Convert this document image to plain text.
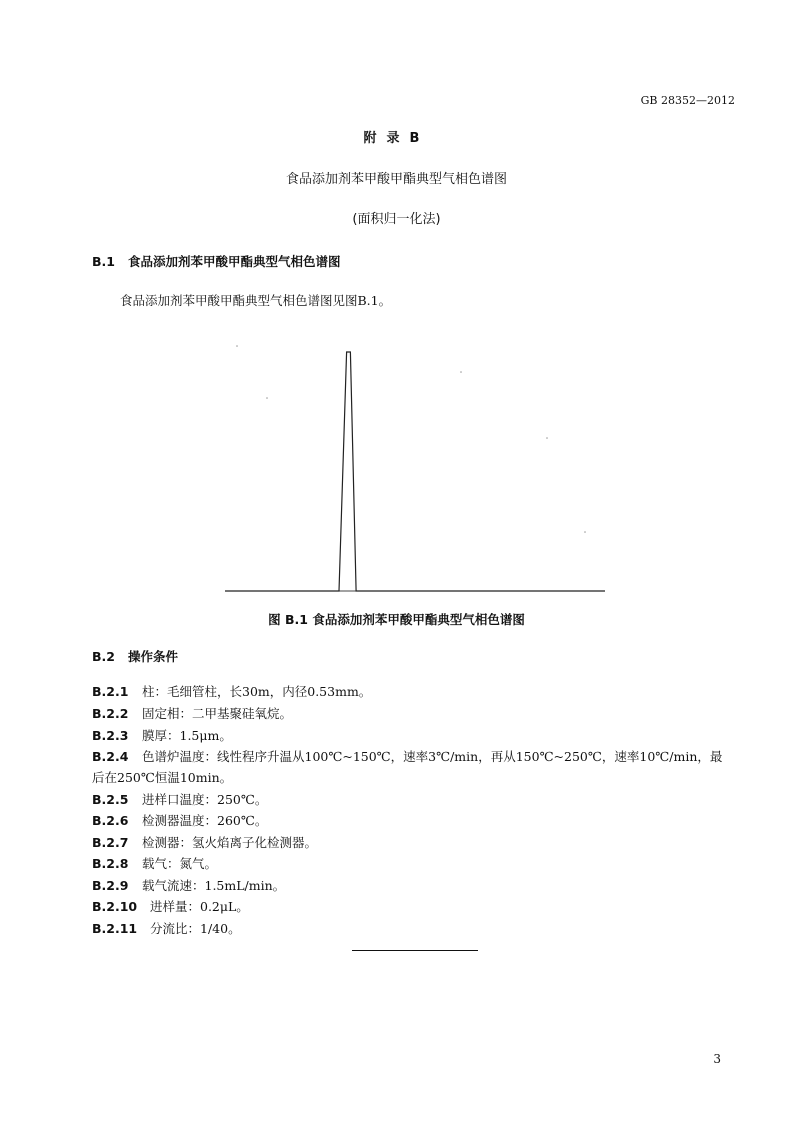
GB 28352—2012
附录B
食品添加剂苯甲酸甲酯典型气相色谱图
(面积归一化法)
B.1 食品添加剂苯甲酸甲酯典型气相色谱图
食品添加剂苯甲酸甲酯典型气相色谱图见图B.1。
图 B.1 食品添加剂苯甲酸甲酯典型气相色谱图
B.2 操作条件
B.2.1 柱：毛细管柱，长30m，内径0.53mm。
B.2.2 固定相：二甲基聚硅氧烷。
B.2.3 膜厚：1.5μm。
B.2.4 色谱炉温度：线性程序升温从100℃~150℃，速率3℃/min，再从150℃~250℃，速率10℃/min，最
后在250℃恒温10min。
B.2.5 进样口温度：250℃。
B.2.6 检测器温度：260℃。
B.2.7 检测器：氢火焰离子化检测器。
B.2.8 载气：氮气。
B.2.9 载气流速：1.5mL/min。
B.2.10 进样量：0.2μL。
B.2.11 分流比：1/40。
3
